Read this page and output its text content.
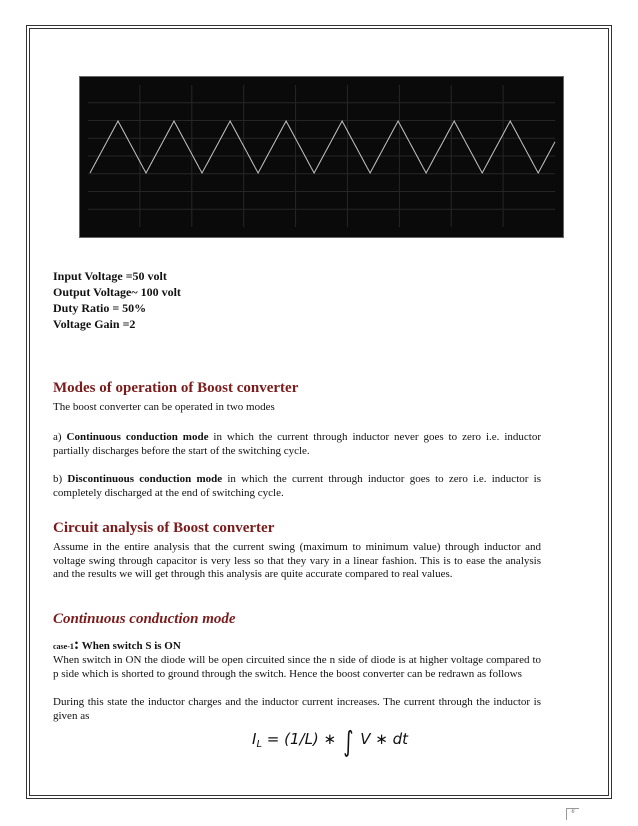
Input Voltage =50 volt
Output Voltage~ 100 volt
Duty Ratio = 50%
Voltage Gain =2
Modes of operation of Boost converter

The boost converter can be operated in two modes

a) Continuous conduction mode in which the current through inductor never goes to zero i.e. inductor partially discharges before the start of the switching cycle.

b) Discontinuous conduction mode in which the current through inductor goes to zero i.e. inductor is completely discharged at the end of switching cycle.

Circuit analysis of Boost converter

Assume in the entire analysis that the current swing (maximum to minimum value) through inductor and voltage swing through capacitor is very less so that they vary in a linear fashion. This is to ease the analysis and the results we will get through this analysis are quite accurate compared to real values.

Continuous conduction mode
case-1: When switch S is ON

When switch in ON the diode will be open circuited since the n side of diode is at higher voltage compared to p side which is shorted to ground through the switch. Hence the boost converter can be redrawn as follows

During this state the inductor charges and the inductor current increases. The current through the inductor is given as

$I_L = (1/L)$ ∗ ∫ V ∗ dt
6
